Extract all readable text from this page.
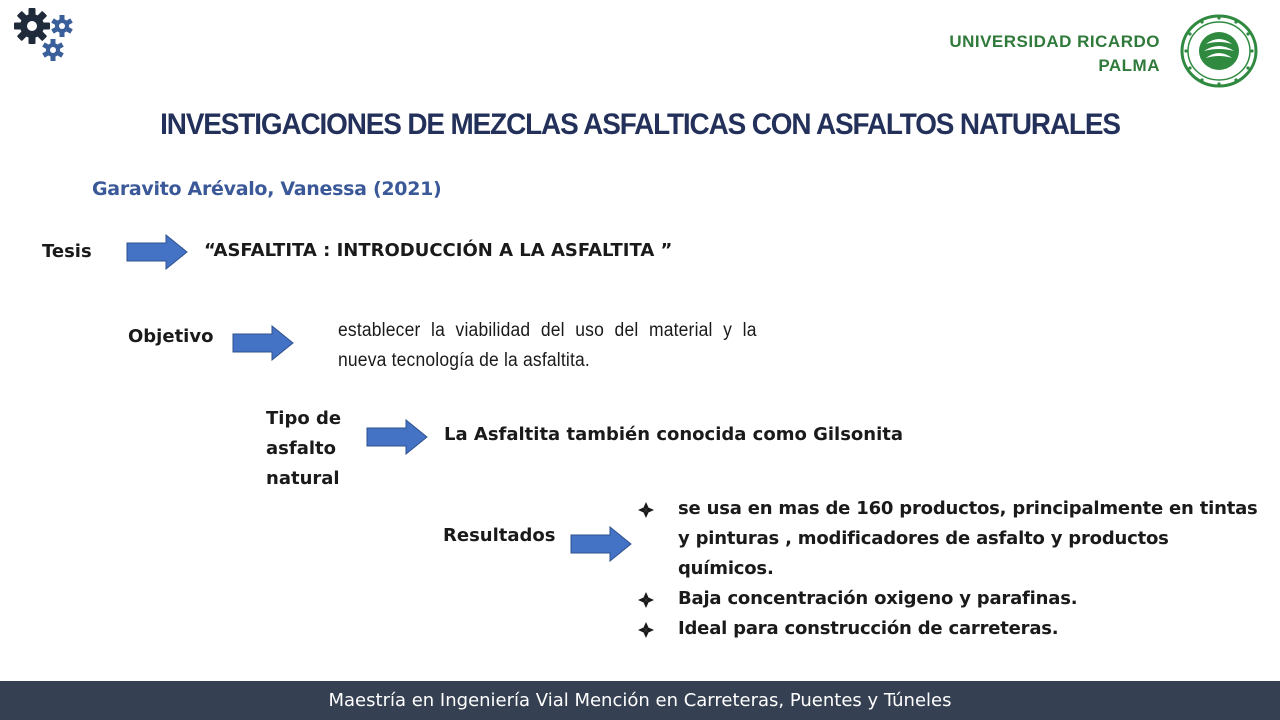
UNIVERSIDAD RICARDO
PALMA
INVESTIGACIONES DE MEZCLAS ASFALTICAS CON ASFALTOS NATURALES
Garavito Arévalo, Vanessa (2021)
Tesis	“ASFALTITA : INTRODUCCIÓN A LA ASFALTITA ”
Objetivo	establecer la viabilidad del uso del material y la nueva tecnología de la asfaltita.
Tipo de asfalto natural
La Asfaltita también conocida como Gilsonita
Resultados
se usa en mas de 160 productos, principalmente en tintas y pinturas , modificadores de asfalto y productos químicos.
Baja concentración oxigeno y parafinas.
Ideal para construcción de carreteras.
Maestría en Ingeniería Vial Mención en Carreteras, Puentes y Túneles
